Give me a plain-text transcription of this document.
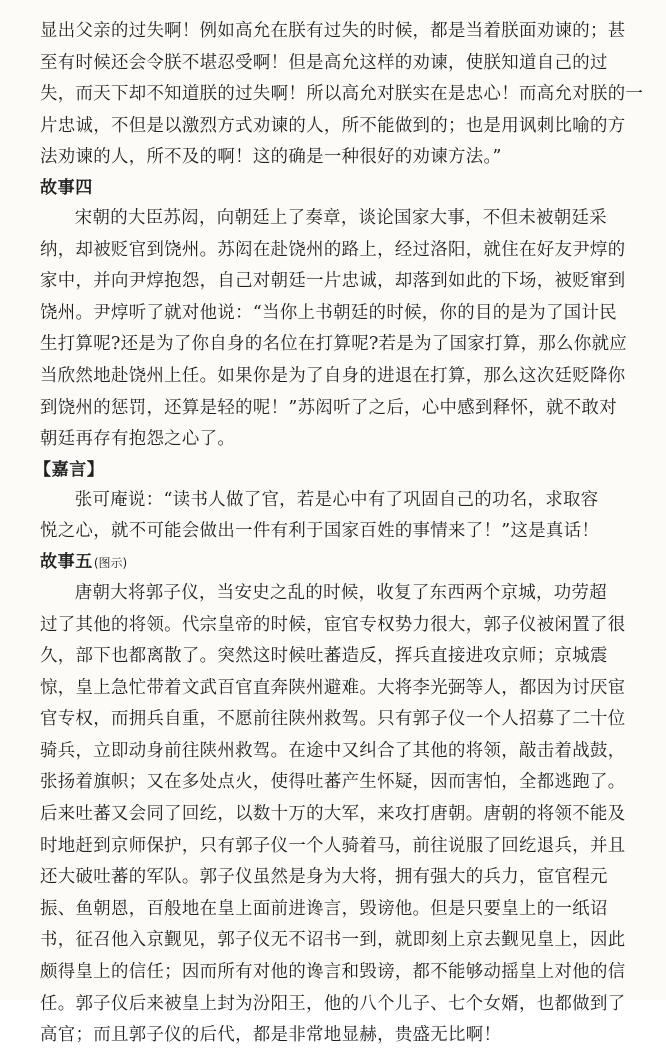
显出父亲的过失啊！例如高允在朕有过失的时候，都是当着朕面劝谏的；甚
至有时候还会令朕不堪忍受啊！但是高允这样的劝谏，使朕知道自己的过
失，而天下却不知道朕的过失啊！所以高允对朕实在是忠心！而高允对朕的一
片忠诚，不但是以激烈方式劝谏的人，所不能做到的；也是用讽刺比喻的方
法劝谏的人，所不及的啊！这的确是一种很好的劝谏方法。”

故事四

宋朝的大臣苏闳，向朝廷上了奏章，谈论国家大事，不但未被朝廷采
纳，却被贬官到饶州。苏闳在赴饶州的路上，经过洛阳，就住在好友尹焞的
家中，并向尹焞抱怨，自己对朝廷一片忠诚，却落到如此的下场，被贬窜到
饶州。尹焞听了就对他说：“当你上书朝廷的时候，你的目的是为了国计民
生打算呢?还是为了你自身的名位在打算呢?若是为了国家打算，那么你就应
当欣然地赴饶州上任。如果你是为了自身的进退在打算，那么这次廷贬降你
到饶州的惩罚，还算是轻的呢！”苏闳听了之后，心中感到释怀，就不敢对
朝廷再存有抱怨之心了。

【嘉言】

张可庵说：“读书人做了官，若是心中有了巩固自己的功名，求取容
悦之心，就不可能会做出一件有利于国家百姓的事情来了！”这是真话！

故事五(图示)

唐朝大将郭子仪，当安史之乱的时候，收复了东西两个京城，功劳超
过了其他的将领。代宗皇帝的时候，宦官专权势力很大，郭子仪被闲置了很
久，部下也都离散了。突然这时候吐蕃造反，挥兵直接进攻京师；京城震
惊，皇上急忙带着文武百官直奔陕州避难。大将李光弼等人，都因为讨厌宦
官专权，而拥兵自重，不愿前往陕州救驾。只有郭子仪一个人招募了二十位
骑兵，立即动身前往陕州救驾。在途中又纠合了其他的将领，敲击着战鼓，
张扬着旗帜；又在多处点火，使得吐蕃产生怀疑，因而害怕，全都逃跑了。
后来吐蕃又会同了回纥，以数十万的大军，来攻打唐朝。唐朝的将领不能及
时地赶到京师保护，只有郭子仪一个人骑着马，前往说服了回纥退兵，并且
还大破吐蕃的军队。郭子仪虽然是身为大将，拥有强大的兵力，宦官程元
振、鱼朝恩，百般地在皇上面前进谗言，毁谤他。但是只要皇上的一纸诏
书，征召他入京觐见，郭子仪无不诏书一到，就即刻上京去觐见皇上，因此
颇得皇上的信任；因而所有对他的谗言和毁谤，都不能够动摇皇上对他的信
任。郭子仪后来被皇上封为汾阳王，他的八个儿子、七个女婿，也都做到了
高官；而且郭子仪的后代，都是非常地显赫，贵盛无比啊！
